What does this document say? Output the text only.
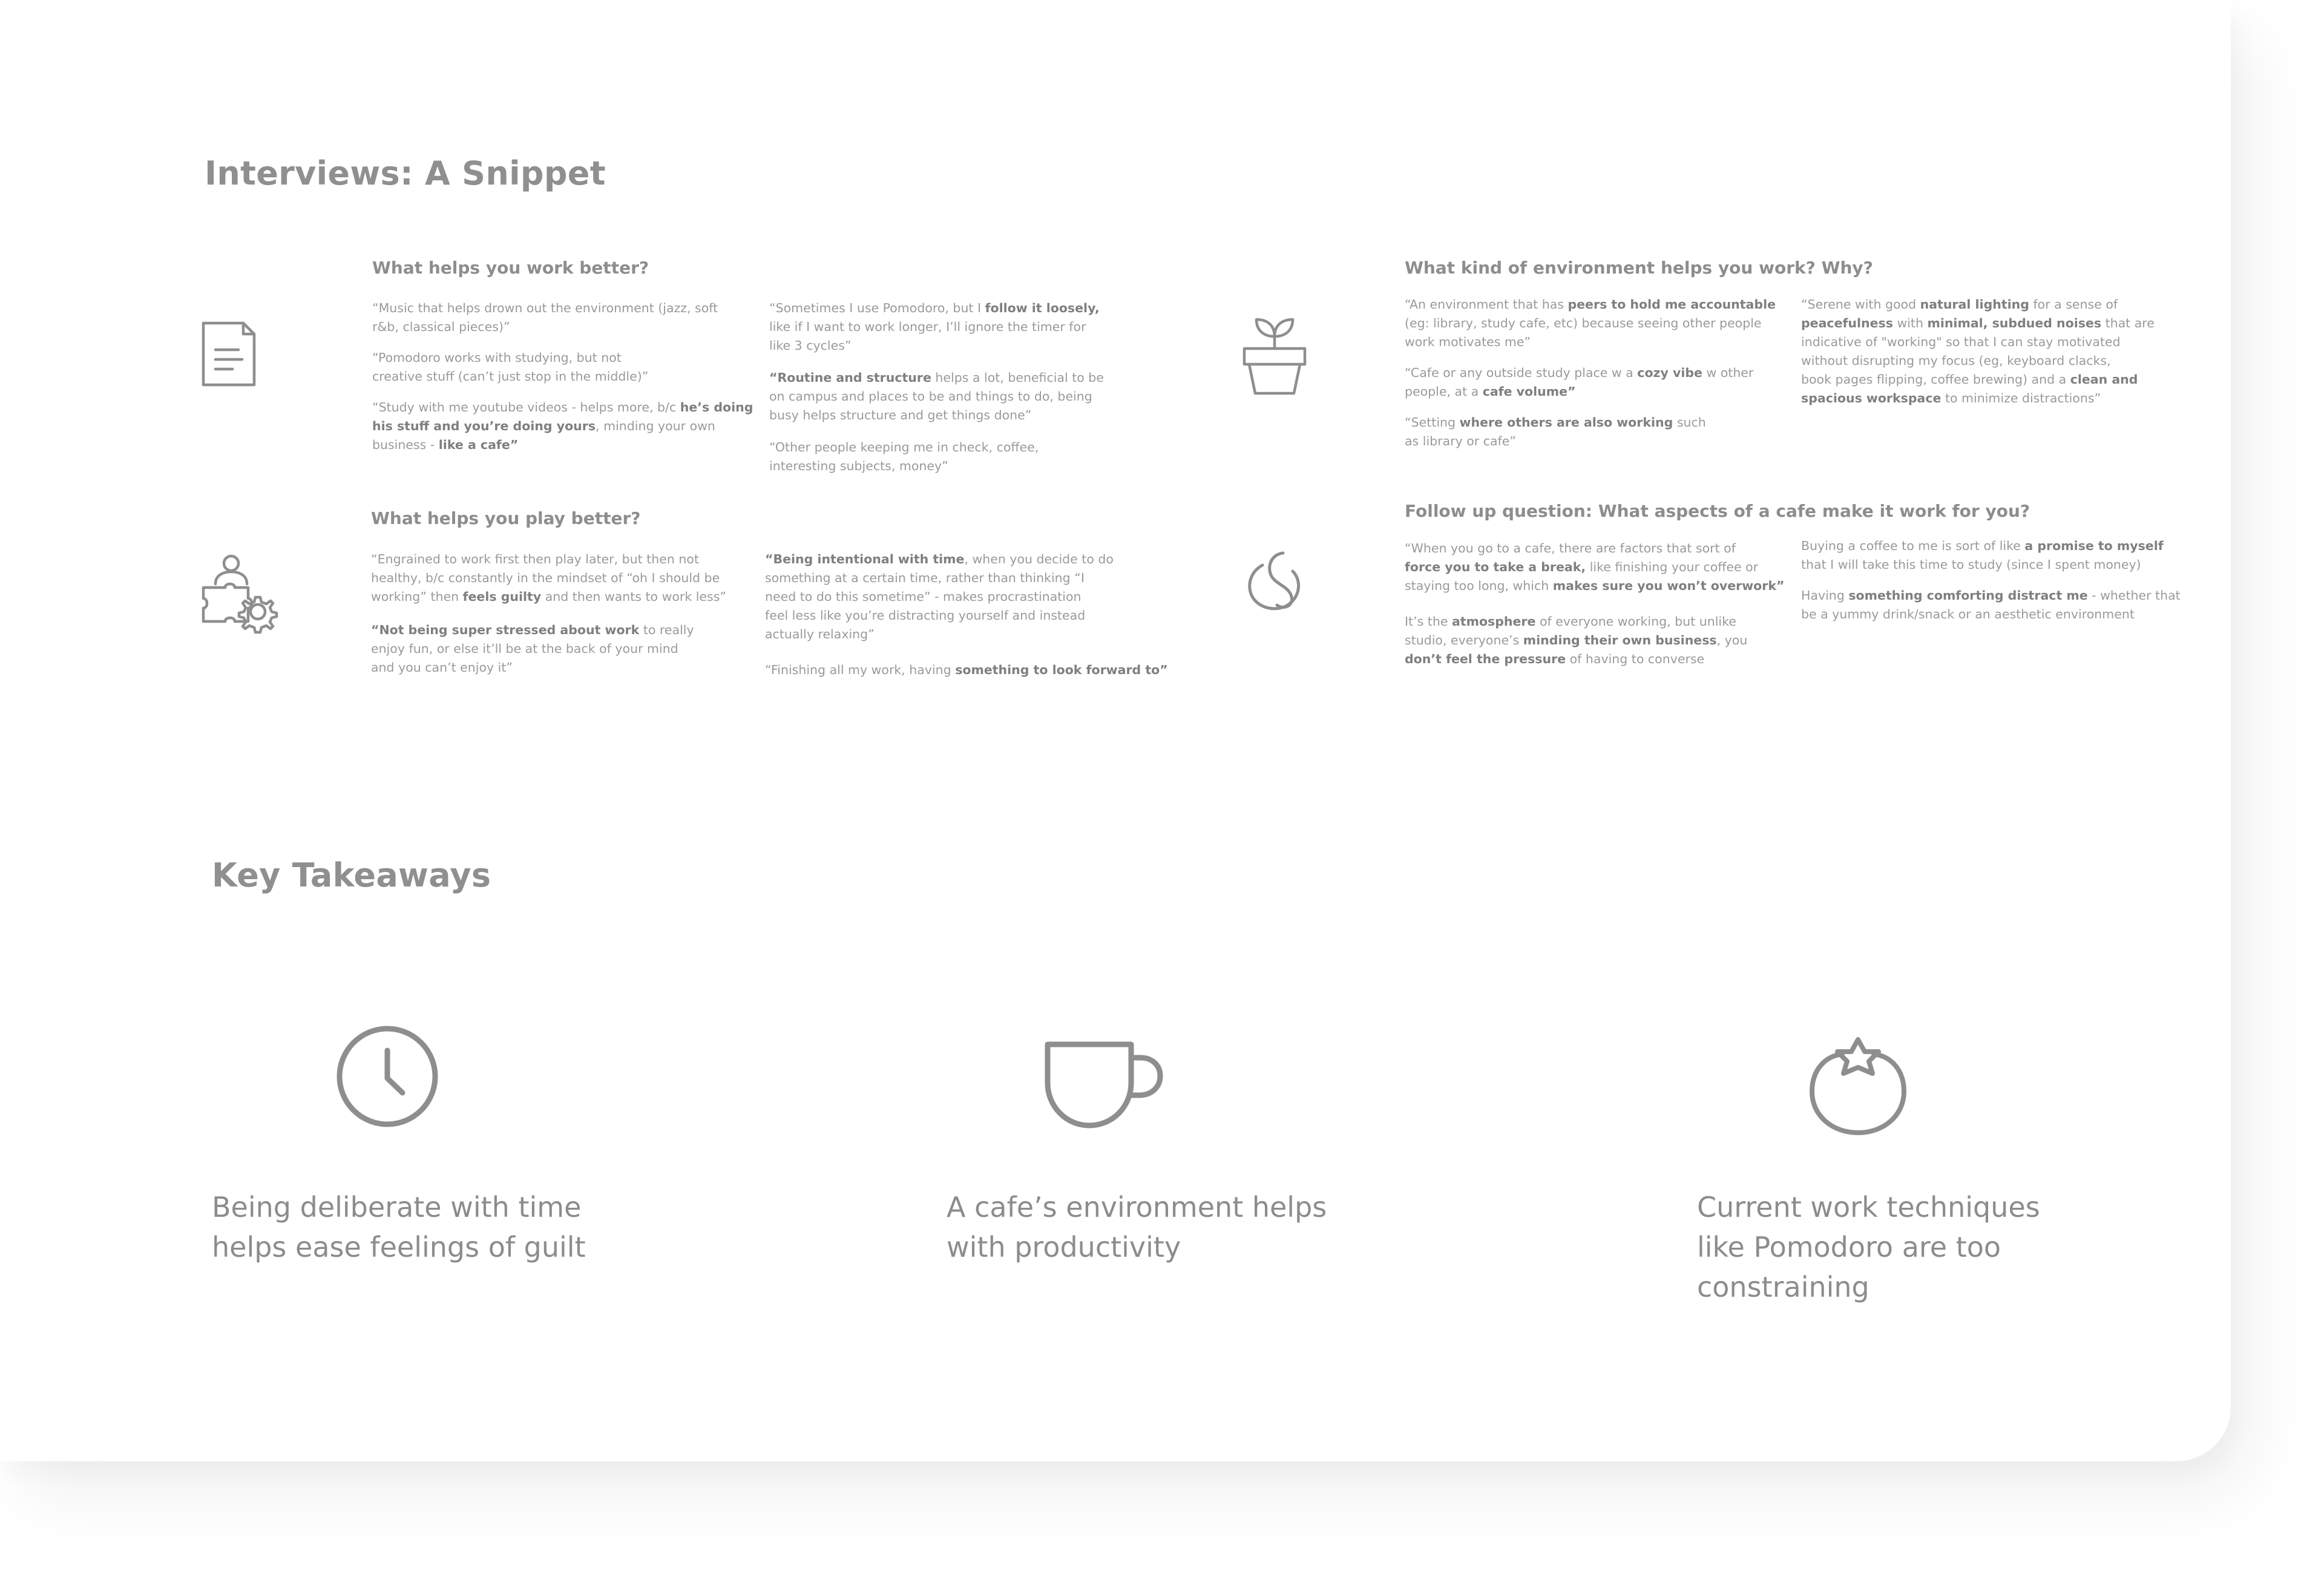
Interviews: A Snippet
What helps you work better?

“Music that helps drown out the environment (jazz, soft
r&b, classical pieces)”

“Pomodoro works with studying, but not
creative stuff (can’t just stop in the middle)”

“Study with me youtube videos - helps more, b/c he’s doing
his stuff and you’re doing yours, minding your own
business - like a cafe”

“Sometimes I use Pomodoro, but I follow it loosely,
like if I want to work longer, I’ll ignore the timer for
like 3 cycles”

“Routine and structure helps a lot, beneficial to be
on campus and places to be and things to do, being
busy helps structure and get things done”

“Other people keeping me in check, coffee,
interesting subjects, money”

What helps you play better?

“Engrained to work first then play later, but then not
healthy, b/c constantly in the mindset of “oh I should be
working” then feels guilty and then wants to work less”

“Not being super stressed about work to really
enjoy fun, or else it’ll be at the back of your mind
and you can’t enjoy it”

“Being intentional with time, when you decide to do
something at a certain time, rather than thinking “I
need to do this sometime” - makes procrastination
feel less like you’re distracting yourself and instead
actually relaxing”

“Finishing all my work, having something to look forward to”

What kind of environment helps you work? Why?

“An environment that has peers to hold me accountable
(eg: library, study cafe, etc) because seeing other people
work motivates me”

“Cafe or any outside study place w a cozy vibe w other
people, at a cafe volume”

“Setting where others are also working such
as library or cafe”

“Serene with good natural lighting for a sense of
peacefulness with minimal, subdued noises that are
indicative of "working" so that I can stay motivated
without disrupting my focus (eg, keyboard clacks,
book pages flipping, coffee brewing) and a clean and
spacious workspace to minimize distractions”

Follow up question: What aspects of a cafe make it work for you?

“When you go to a cafe, there are factors that sort of
force you to take a break, like finishing your coffee or
staying too long, which makes sure you won’t overwork”

It’s the atmosphere of everyone working, but unlike
studio, everyone’s minding their own business, you
don’t feel the pressure of having to converse

Buying a coffee to me is sort of like a promise to myself
that I will take this time to study (since I spent money)

Having something comforting distract me - whether that
be a yummy drink/snack or an aesthetic environment

Key Takeaways

Being deliberate with time
helps ease feelings of guilt

A cafe’s environment helps
with productivity

Current work techniques
like Pomodoro are too
constraining
